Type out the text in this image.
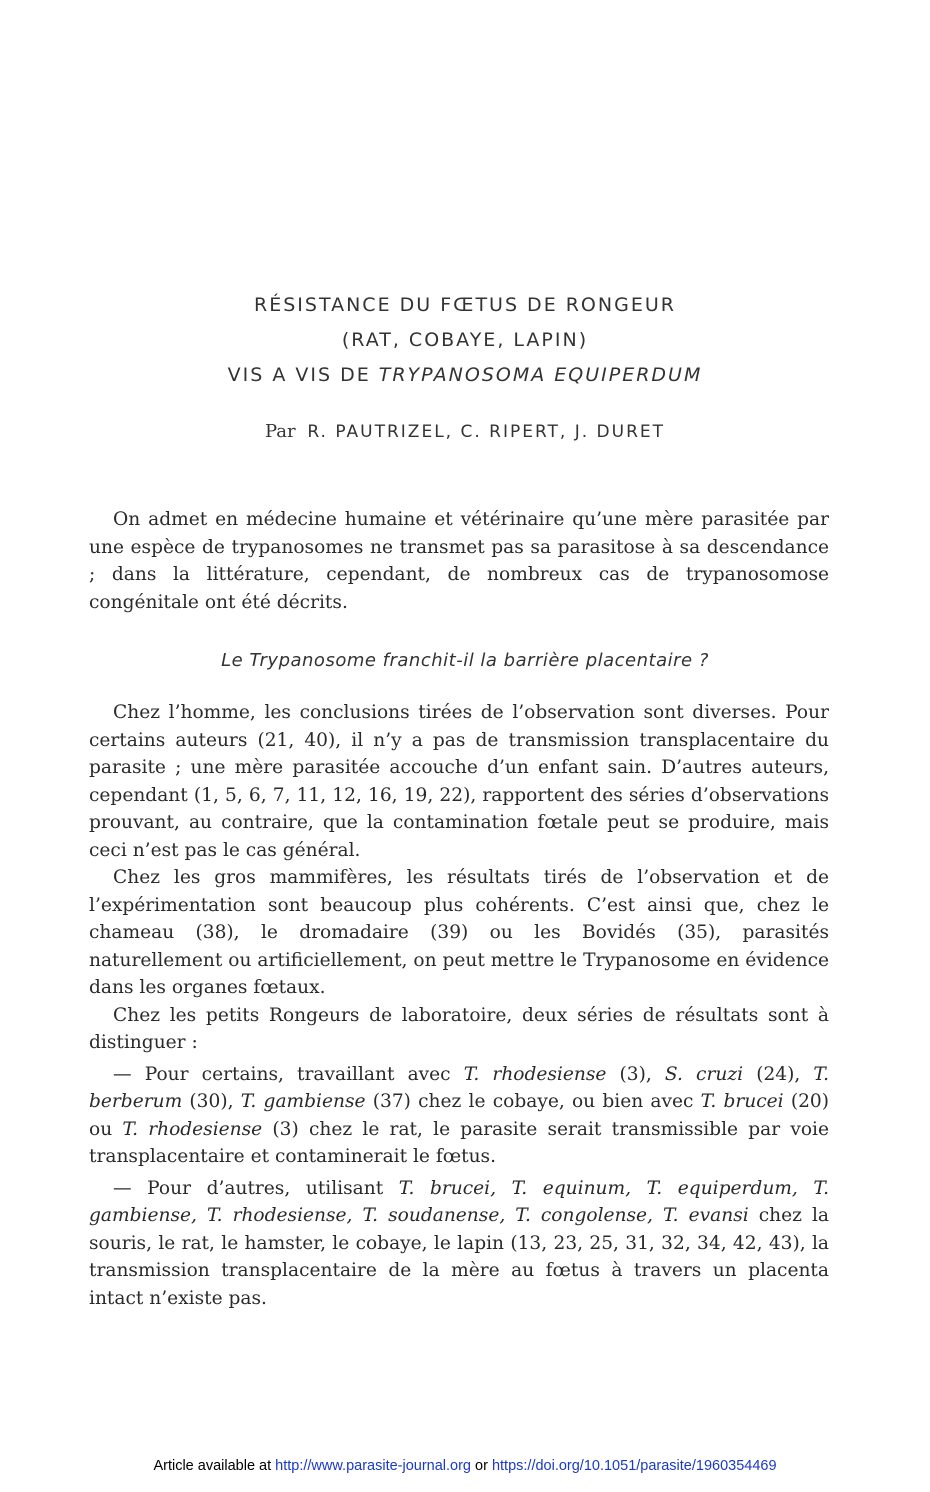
RÉSISTANCE DU FŒTUS DE RONGEUR
(RAT, COBAYE, LAPIN)
VIS A VIS DE TRYPANOSOMA EQUIPERDUM
Par R. PAUTRIZEL, C. RIPERT, J. DURET

On admet en médecine humaine et vétérinaire qu’une mère parasitée par une espèce de trypanosomes ne transmet pas sa parasitose à sa descendance ; dans la littérature, cependant, de nombreux cas de trypanosomose congénitale ont été décrits.

Le Trypanosome franchit-il la barrière placentaire ?

Chez l’homme, les conclusions tirées de l’observation sont diverses. Pour certains auteurs (21, 40), il n’y a pas de transmission transplacentaire du parasite ; une mère parasitée accouche d’un enfant sain. D’autres auteurs, cependant (1, 5, 6, 7, 11, 12, 16, 19, 22), rapportent des séries d’observations prouvant, au contraire, que la contamination fœtale peut se produire, mais ceci n’est pas le cas général.

Chez les gros mammifères, les résultats tirés de l’observation et de l’expérimentation sont beaucoup plus cohérents. C’est ainsi que, chez le chameau (38), le dromadaire (39) ou les Bovidés (35), parasités naturellement ou artificiellement, on peut mettre le Trypanosome en évidence dans les organes fœtaux.

Chez les petits Rongeurs de laboratoire, deux séries de résultats sont à distinguer :

— Pour certains, travaillant avec T. rhodesiense (3), S. cruzi (24), T. berberum (30), T. gambiense (37) chez le cobaye, ou bien avec T. brucei (20) ou T. rhodesiense (3) chez le rat, le parasite serait transmissible par voie transplacentaire et contaminerait le fœtus.

— Pour d’autres, utilisant T. brucei, T. equinum, T. equiperdum, T. gambiense, T. rhodesiense, T. soudanense, T. congolense, T. evansi chez la souris, le rat, le hamster, le cobaye, le lapin (13, 23, 25, 31, 32, 34, 42, 43), la transmission transplacentaire de la mère au fœtus à travers un placenta intact n’existe pas.

Article available at http://www.parasite-journal.org or https://doi.org/10.1051/parasite/1960354469
